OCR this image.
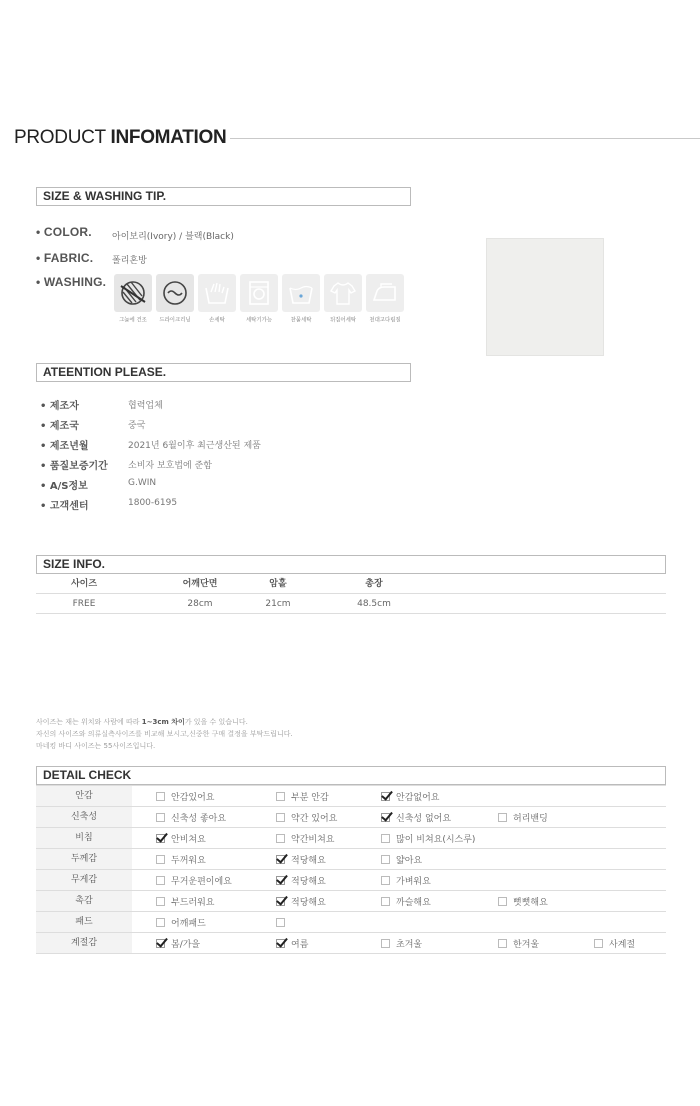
PRODUCT INFOMATION
SIZE & WASHING TIP.
• COLOR. 아이보리(Ivory) / 블랙(Black)
• FABRIC. 폴리혼방
• WASHING.
그늘에 건조	드라이크리닝	손세탁	세탁기가능	찬물세탁	뒤집어세탁	천대고다림질
ATEENTION PLEASE.
• 제조자	협력업체
• 제조국	중국
• 제조년월	2021년 6월이후 최근생산된 제품
• 품질보증기간 소비자 보호법에 준함
• A/S정보	G.WIN
• 고객센터	1800-6195
SIZE INFO.
사이즈	어깨단면	암홀	총장
FREE	28cm	21cm	48.5cm

사이즈는 재는 위치와 사람에 따라 1~3cm 차이가 있을 수 있습니다.

자신의 사이즈와 의류실측사이즈를 비교해 보시고,신중한 구매 결정을 부탁드립니다.

마네킹 바디 사이즈는 55사이즈입니다.

DETAIL CHECK
안감	안감있어요	부분 안감	안감없어요
신축성	신축성 좋아요	약간 있어요	신축성 없어요	허리밴딩
비침	안비쳐요	약간비쳐요	많이 비쳐요(시스루)
두께감	두꺼워요	적당해요	얇아요
무게감	무거운편이에요	적당해요	가벼워요
촉감	부드러워요	적당해요	까슬해요	뻣뻣해요
패드	어깨패드
계절감	봄/가을	여름	초겨울	한겨울	사계절
